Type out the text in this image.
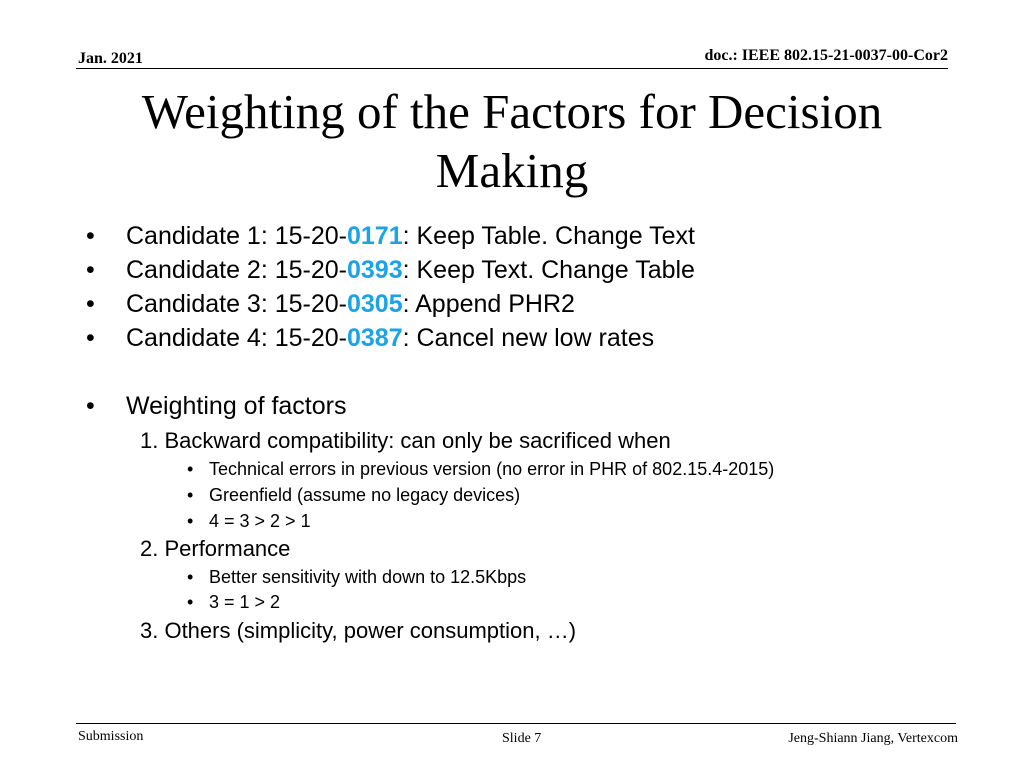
Jan. 2021	doc.: IEEE 802.15-21-0037-00-Cor2
Weighting of the Factors for Decision Making
• Candidate 1: 15-20-0171: Keep Table. Change Text
• Candidate 2: 15-20-0393: Keep Text. Change Table
• Candidate 3: 15-20-0305: Append PHR2
• Candidate 4: 15-20-0387: Cancel new low rates
• Weighting of factors
1. Backward compatibility: can only be sacrificed when
• Technical errors in previous version (no error in PHR of 802.15.4-2015)
• Greenfield (assume no legacy devices)
• 4 = 3 > 2 > 1
2. Performance
• Better sensitivity with down to 12.5Kbps
• 3 = 1 > 2
3. Others (simplicity, power consumption, …)
Submission	Slide 7	Jeng-Shiann Jiang, Vertexcom
